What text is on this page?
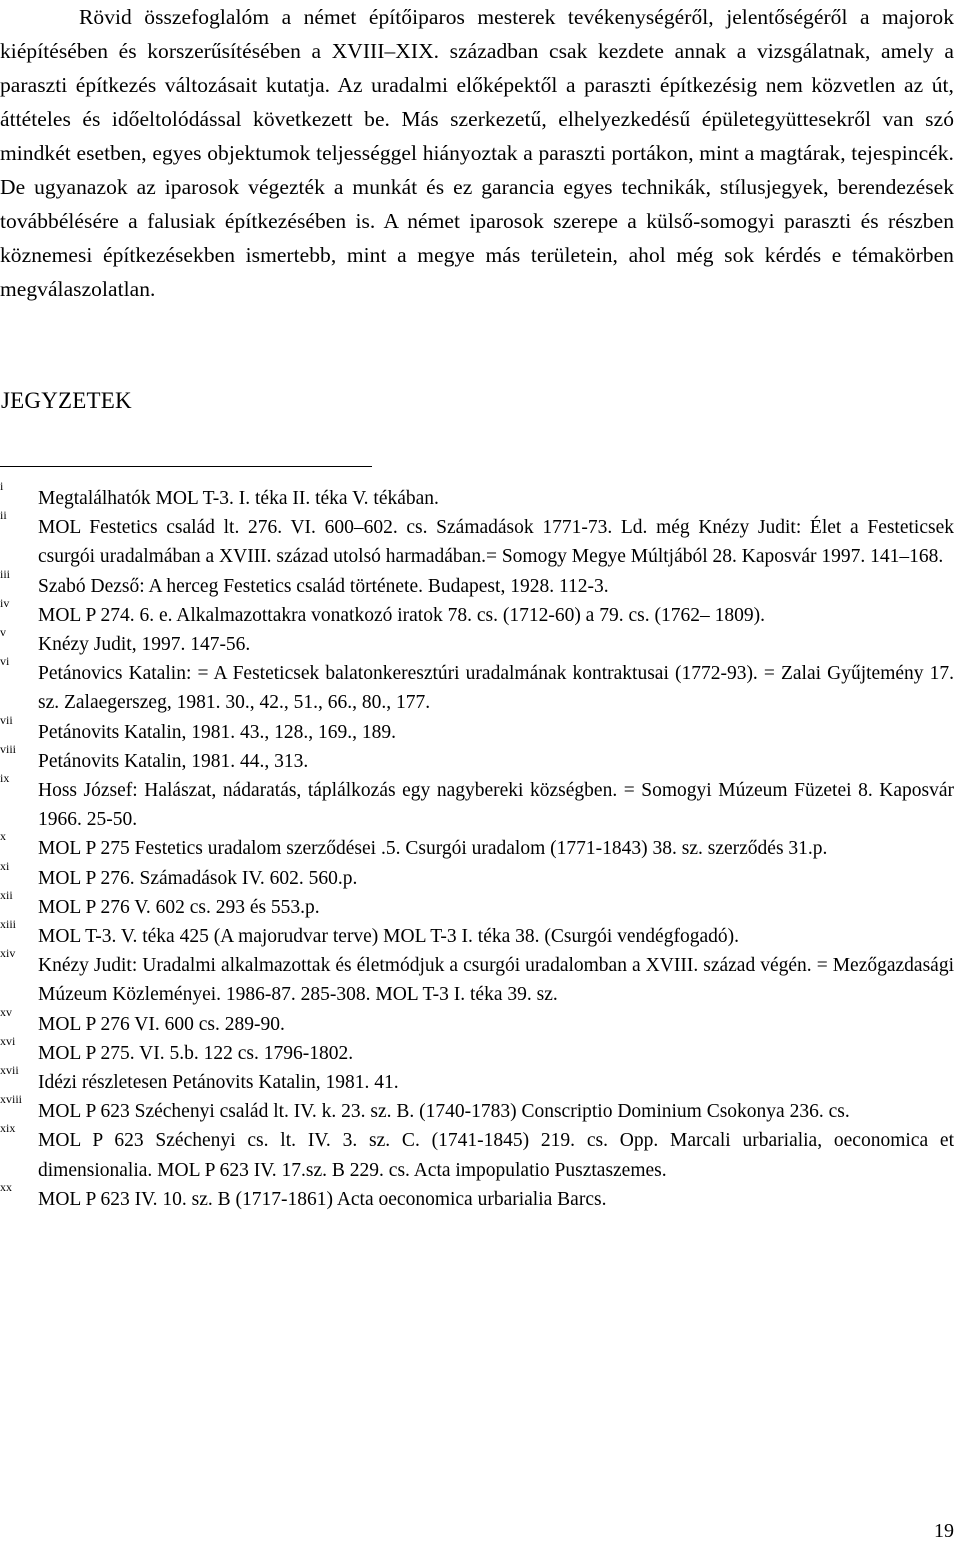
Rövid összefoglalóm a német építőiparos mesterek tevékenységéről, jelentőségéről a majorok kiépítésében és korszerűsítésében a XVIII–XIX. században csak kezdete annak a vizsgálatnak, amely a paraszti építkezés változásait kutatja. Az uradalmi előképektől a paraszti építkezésig nem közvetlen az út, áttételes és időeltolódással következett be. Más szerkezetű, elhelyezkedésű épületegyüttesekről van szó mindkét esetben, egyes objektumok teljességgel hiányoztak a paraszti portákon, mint a magtárak, tejespincék. De ugyanazok az iparosok végezték a munkát és ez garancia egyes technikák, stílusjegyek, berendezések továbbélésére a falusiak építkezésében is. A német iparosok szerepe a külső-somogyi paraszti és részben köznemesi építkezésekben ismertebb, mint a megye más területein, ahol még sok kérdés e témakörben megválaszolatlan.

JEGYZETEK
i
Megtalálhatók MOL T-3. I. téka II. téka V. tékában.
ii
MOL Festetics család lt. 276. VI. 600–602. cs. Számadások 1771-73. Ld. még Knézy Judit: Élet a Festeticsek csurgói uradalmában a XVIII. század utolsó harmadában.= Somogy Megye Múltjából 28. Kaposvár 1997. 141–168.
iii
Szabó Dezső: A herceg Festetics család története. Budapest, 1928. 112-3.
iv
MOL P 274. 6. e. Alkalmazottakra vonatkozó iratok 78. cs. (1712-60) a 79. cs. (1762– 1809).
v
Knézy Judit, 1997. 147-56.
vi
Petánovics Katalin: = A Festeticsek balatonkeresztúri uradalmának kontraktusai (1772-93). = Zalai Gyűjtemény 17. sz. Zalaegerszeg, 1981. 30., 42., 51., 66., 80., 177.
vii
Petánovits Katalin, 1981. 43., 128., 169., 189.
viii
Petánovits Katalin, 1981. 44., 313.
ix
Hoss József: Halászat, nádaratás, táplálkozás egy nagybereki községben. = Somogyi Múzeum Füzetei 8. Kaposvár 1966. 25-50.
x
MOL P 275 Festetics uradalom szerződései .5. Csurgói uradalom (1771-1843) 38. sz. szerződés 31.p.
xi
MOL P 276. Számadások IV. 602. 560.p.
xii
MOL P 276 V. 602 cs. 293 és 553.p.
xiii
MOL T-3. V. téka 425 (A majorudvar terve) MOL T-3 I. téka 38. (Csurgói vendégfogadó).
xiv
Knézy Judit: Uradalmi alkalmazottak és életmódjuk a csurgói uradalomban a XVIII. század végén. = Mezőgazdasági Múzeum Közleményei. 1986-87. 285-308. MOL T-3 I. téka 39. sz.
xv
MOL P 276 VI. 600 cs. 289-90.
xvi
MOL P 275. VI. 5.b. 122 cs. 1796-1802.
xvii
Idézi részletesen Petánovits Katalin, 1981. 41.
xviii
MOL P 623 Széchenyi család lt. IV. k. 23. sz. B. (1740-1783) Conscriptio Dominium Csokonya 236. cs.
xix
MOL P 623 Széchenyi cs. lt. IV. 3. sz. C. (1741-1845) 219. cs. Opp. Marcali urbarialia, oeconomica et dimensionalia. MOL P 623 IV. 17.sz. B 229. cs. Acta impopulatio Pusztaszemes.
xx
MOL P 623 IV. 10. sz. B (1717-1861) Acta oeconomica urbarialia Barcs.
19
